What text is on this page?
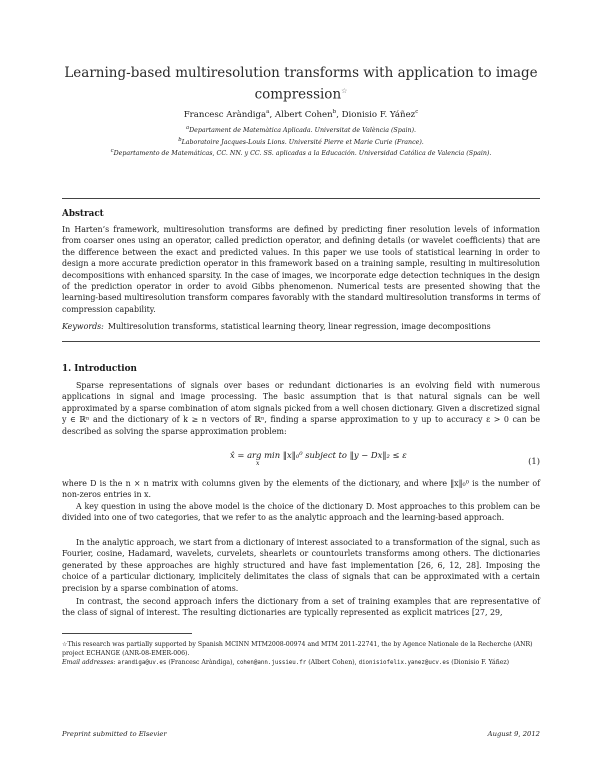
Learning-based multiresolution transforms with application to image compression☆
Francesc Aràndiga$^a$, Albert Cohen$^b$, Dionisio F. Yáñez$^c$
$^a$Departament de Matemàtica Aplicada. Universitat de València (Spain).
$^b$Laboratoire Jacques-Louis Lions. Université Pierre et Marie Curie (France).
$^c$Departamento de Matemáticas, CC. NN. y CC. SS. aplicadas a la Educación. Universidad Católica de Valencia (Spain).
Abstract
In Harten’s framework, multiresolution transforms are defined by predicting finer resolution levels of information from coarser ones using an operator, called prediction operator, and defining details (or wavelet coefficients) that are the difference between the exact and predicted values. In this paper we use tools of statistical learning in order to design a more accurate prediction operator in this framework based on a training sample, resulting in multiresolution decompositions with enhanced sparsity. In the case of images, we incorporate edge detection techniques in the design of the prediction operator in order to avoid Gibbs phenomenon. Numerical tests are presented showing that the learning-based multiresolution transform compares favorably with the standard multiresolution transforms in terms of compression capability.
Keywords: Multiresolution transforms, statistical learning theory, linear regression, image decompositions
1. Introduction
Sparse representations of signals over bases or redundant dictionaries is an evolving field with numerous applications in signal and image processing. The basic assumption that is that natural signals can be well approximated by a sparse combination of atom signals picked from a well chosen dictionary. Given a discretized signal y ∈ ℝⁿ and the dictionary of k ≥ n vectors of ℝⁿ, finding a sparse approximation to y up to accuracy ε > 0 can be described as solving the sparse approximation problem:
x̂ = arg min ‖x‖₀⁰ subject to ‖y − Dx‖₂ ≤ ε
x	(1)
where D is the n × n matrix with columns given by the elements of the dictionary, and where ‖x‖₀⁰ is the number of non-zeros entries in x.
A key question in using the above model is the choice of the dictionary D. Most approaches to this problem can be divided into one of two categories, that we refer to as the analytic approach and the learning-based approach.
In the analytic approach, we start from a dictionary of interest associated to a transformation of the signal, such as Fourier, cosine, Hadamard, wavelets, curvelets, shearlets or countourlets transforms among others. The dictionaries generated by these approaches are highly structured and have fast implementation [26, 6, 12, 28]. Imposing the choice of a particular dictionary, implicitely delimitates the class of signals that can be approximated with a certain precision by a sparse combination of atoms.
In contrast, the second approach infers the dictionary from a set of training examples that are representative of the class of signal of interest. The resulting dictionaries are typically represented as explicit matrices [27, 29,
☆This research was partially supported by Spanish MCINN MTM2008-00974 and MTM 2011-22741, the by Agence Nationale de la Recherche (ANR) project ECHANGE (ANR-08-EMER-006).
Email addresses: arandiga@uv.es (Francesc Aràndiga), cohen@ann.jussieu.fr (Albert Cohen), dionisiofelix.yanez@ucv.es (Dionisio F. Yáñez)
Preprint submitted to Elsevier	August 9, 2012
